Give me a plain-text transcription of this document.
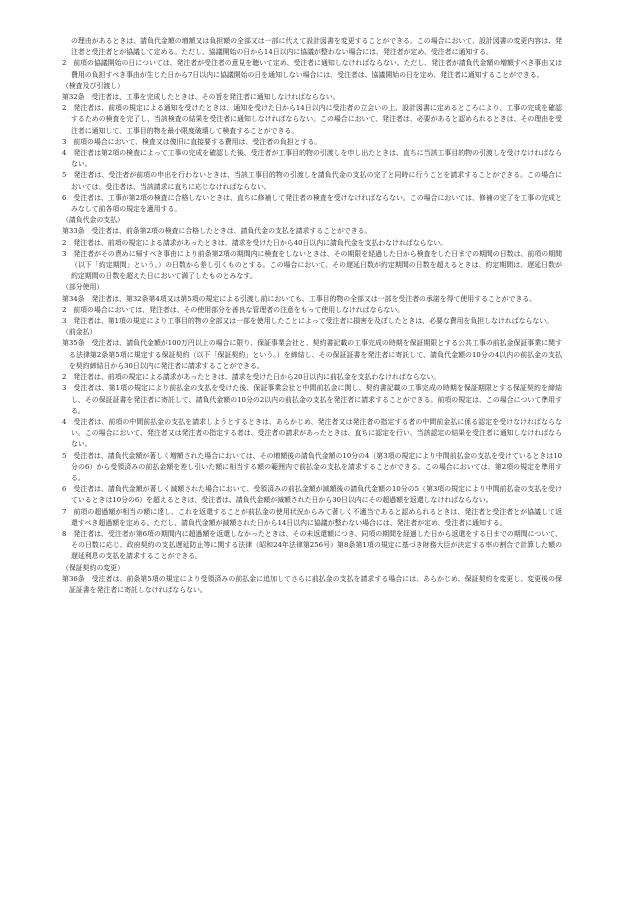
の理由があるときは、請負代金額の増額又は負担額の全部又は一部に代えて設計図書を変更することができる。この場合において、設計図書の変更内容は、発注者と受注者とが協議して定める。ただし、協議開始の日から14日以内に協議が整わない場合には、発注者が定め、受注者に通知する。

2　前項の協議開始の日については、発注者が受注者の意見を聴いて定め、受注者に通知しなければならない。ただし、発注者が請負代金額の増額すべき事由又は費用の負担すべき事由が生じた日から7日以内に協議開始の日を通知しない場合には、受注者は、協議開始の日を定め、発注者に通知することができる。

（検査及び引渡し）

第32条　受注者は、工事を完成したときは、その旨を発注者に通知しなければならない。

2　発注者は、前項の規定による通知を受けたときは、通知を受けた日から14日以内に受注者の立会いの上、設計図書に定めるところにより、工事の完成を確認するための検査を完了し、当該検査の結果を受注者に通知しなければならない。この場合において、発注者は、必要があると認められるときは、その理由を受注者に通知して、工事目的物を最小限度破壊して検査することができる。

3　前項の場合において、検査又は復旧に直接要する費用は、受注者の負担とする。

4　発注者は第2項の検査によって工事の完成を確認した後、受注者が工事目的物の引渡しを申し出たときは、直ちに当該工事目的物の引渡しを受けなければならない。

5　発注者は、受注者が前項の申出を行わないときは、当該工事目的物の引渡しを請負代金の支払の完了と同時に行うことを請求することができる。この場合においては、受注者は、当該請求に直ちに応じなければならない。

6　受注者は、工事が第2項の検査に合格しないときは、直ちに修補して発注者の検査を受けなければならない。この場合においては、修補の完了を工事の完成とみなして前各項の規定を適用する。

（請負代金の支払）

第33条　受注者は、前条第2項の検査に合格したときは、請負代金の支払を請求することができる。

2　発注者は、前項の規定による請求があったときは、請求を受けた日から40日以内に請負代金を支払わなければならない。

3　発注者がその責めに帰すべき事由により前条第2項の期間内に検査をしないときは、その期限を経過した日から検査をした日までの期間の日数は、前項の期間（以下「約定期間」という。）の日数から差し引くものとする。この場合において、その遅延日数が約定期間の日数を超えるときは、約定期間は、遅延日数が約定期間の日数を超えた日において満了したものとみなす。

（部分使用）

第34条　発注者は、第32条第4項又は第5項の規定による引渡し前においても、工事目的物の全部又は一部を受注者の承諾を得て使用することができる。

2　前項の場合においては、発注者は、その使用部分を善良な管理者の注意をもって使用しなければならない。

3　発注者は、第1項の規定により工事目的物の全部又は一部を使用したことによって受注者に損害を及ぼしたときは、必要な費用を負担しなければならない。

（前金払）

第35条　受注者は、請負代金額が100万円以上の場合に限り、保証事業会社と、契約書記載の工事完成の時期を保証期限とする公共工事の前払金保証事業に関する法律第2条第5項に規定する保証契約（以下「保証契約」という。）を締結し、その保証証書を発注者に寄託して、請負代金額の10分の4以内の前払金の支払を契約締結日から30日以内に発注者に請求することができる。

2　発注者は、前項の規定による請求があったときは、請求を受けた日から20日以内に前払金を支払わなければならない。

3　受注者は、第1項の規定により前払金の支払を受けた後、保証事業会社と中間前払金に関し、契約書記載の工事完成の時期を保証期限とする保証契約を締結し、その保証証書を発注者に寄託して、請負代金額の10分の2以内の前払金の支払を発注者に請求することができる。前項の規定は、この場合について準用する。

4　受注者は、前項の中間前払金の支払を請求しようとするときは、あらかじめ、発注者又は発注者の指定する者の中間前金払に係る認定を受けなければならない。この場合において、発注者又は発注者の指定する者は、受注者の請求があったときは、直ちに認定を行い、当該認定の結果を受注者に通知しなければならない。

5　受注者は、請負代金額が著しく増額された場合においては、その増額後の請負代金額の10分の4（第3項の規定により中間前払金の支払を受けているときは10分の6）から受領済みの前払金額を差し引いた額に相当する額の範囲内で前払金の支払を請求することができる。この場合においては、第2項の規定を準用する。

6　受注者は、請負代金額が著しく減額された場合において、受領済みの前払金額が減額後の請負代金額の10分の5（第3項の規定により中間前払金の支払を受けているときは10分の6）を超えるときは、受注者は、請負代金額が減額された日から30日以内にその超過額を返還しなければならない。

7　前項の超過額が相当の額に達し、これを返還することが前払金の使用状況からみて著しく不適当であると認められるときは、発注者と受注者とが協議して返還すべき超過額を定める。ただし、請負代金額が減額された日から14日以内に協議が整わない場合には、発注者が定め、受注者に通知する。

8　発注者は、受注者が第6項の期間内に超過額を返還しなかったときは、その未返還額につき、同項の期間を経過した日から返還をする日までの期間について、その日数に応じ、政府契約の支払遅延防止等に関する法律（昭和24年法律第256号）第8条第1項の規定に基づき財務大臣が決定する率の割合で計算した額の遅延利息の支払を請求することができる。

（保証契約の変更）

第36条　受注者は、前条第5項の規定により受領済みの前払金に追加してさらに前払金の支払を請求する場合には、あらかじめ、保証契約を変更し、変更後の保証証書を発注者に寄託しなければならない。
